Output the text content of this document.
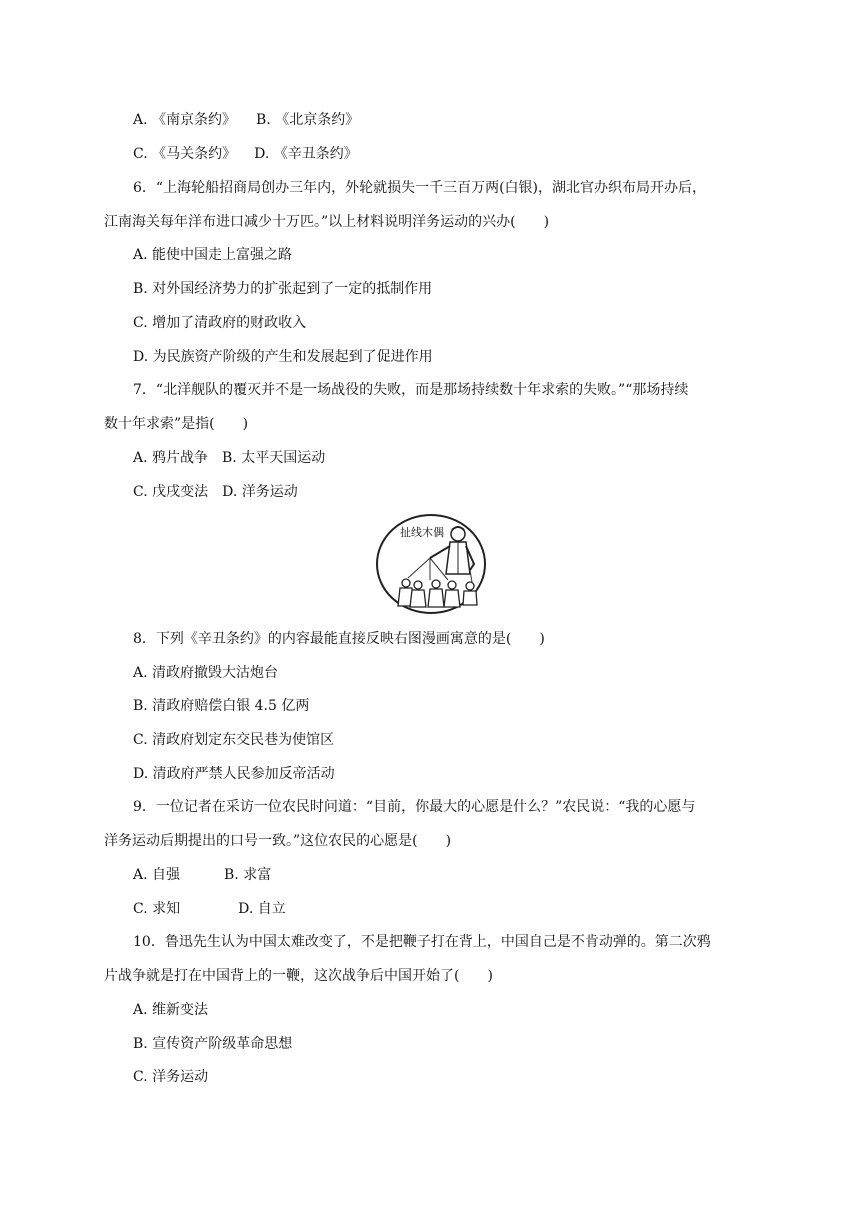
A. 《南京条约》 B. 《北京条约》
C. 《马关条约》 D. 《辛丑条约》
6．“上海轮船招商局创办三年内，外轮就损失一千三百万两(白银)，湖北官办织布局开办后，
江南海关每年洋布进口减少十万匹。”以上材料说明洋务运动的兴办(　　)
A. 能使中国走上富强之路
B. 对外国经济势力的扩张起到了一定的抵制作用
C. 增加了清政府的财政收入
D. 为民族资产阶级的产生和发展起到了促进作用
7．“北洋舰队的覆灭并不是一场战役的失败，而是那场持续数十年求索的失败。”“那场持续
数十年求索”是指(　　)
A. 鸦片战争 B. 太平天国运动
C. 戊戌变法 D. 洋务运动
扯线木偶
8．下列《辛丑条约》的内容最能直接反映右图漫画寓意的是(　　)
A. 清政府撤毁大沽炮台
B. 清政府赔偿白银 4.5 亿两
C. 清政府划定东交民巷为使馆区
D. 清政府严禁人民参加反帝活动
9．一位记者在采访一位农民时问道：“目前，你最大的心愿是什么？”农民说：“我的心愿与
洋务运动后期提出的口号一致。”这位农民的心愿是(　　)
A. 自强	B. 求富
C. 求知	D. 自立
10．鲁迅先生认为中国太难改变了，不是把鞭子打在背上，中国自己是不肯动弹的。第二次鸦
片战争就是打在中国背上的一鞭，这次战争后中国开始了(　　)
A. 维新变法
B. 宣传资产阶级革命思想
C. 洋务运动
